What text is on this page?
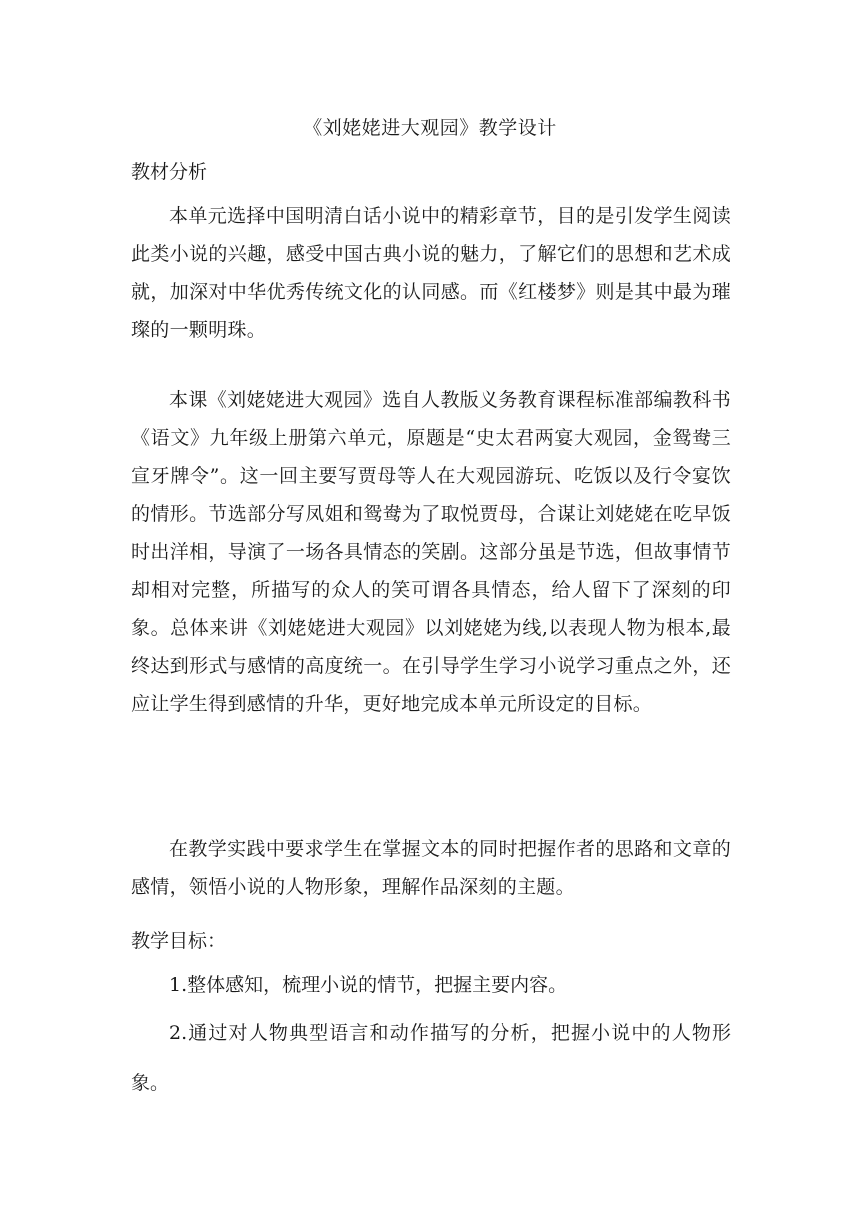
《刘姥姥进大观园》教学设计
教材分析

本单元选择中国明清白话小说中的精彩章节，目的是引发学生阅读此类小说的兴趣，感受中国古典小说的魅力，了解它们的思想和艺术成就，加深对中华优秀传统文化的认同感。而《红楼梦》则是其中最为璀璨的一颗明珠。

本课《刘姥姥进大观园》选自人教版义务教育课程标准部编教科书《语文》九年级上册第六单元，原题是“史太君两宴大观园，金鸳鸯三宣牙牌令”。这一回主要写贾母等人在大观园游玩、吃饭以及行令宴饮的情形。节选部分写凤姐和鸳鸯为了取悦贾母，合谋让刘姥姥在吃早饭时出洋相，导演了一场各具情态的笑剧。这部分虽是节选，但故事情节却相对完整，所描写的众人的笑可谓各具情态，给人留下了深刻的印象。总体来讲《刘姥姥进大观园》以刘姥姥为线,以表现人物为根本,最终达到形式与感情的高度统一。在引导学生学习小说学习重点之外，还应让学生得到感情的升华，更好地完成本单元所设定的目标。

在教学实践中要求学生在掌握文本的同时把握作者的思路和文章的感情，领悟小说的人物形象，理解作品深刻的主题。

教学目标：

1.整体感知，梳理小说的情节，把握主要内容。

2.通过对人物典型语言和动作描写的分析，把握小说中的人物形象。
